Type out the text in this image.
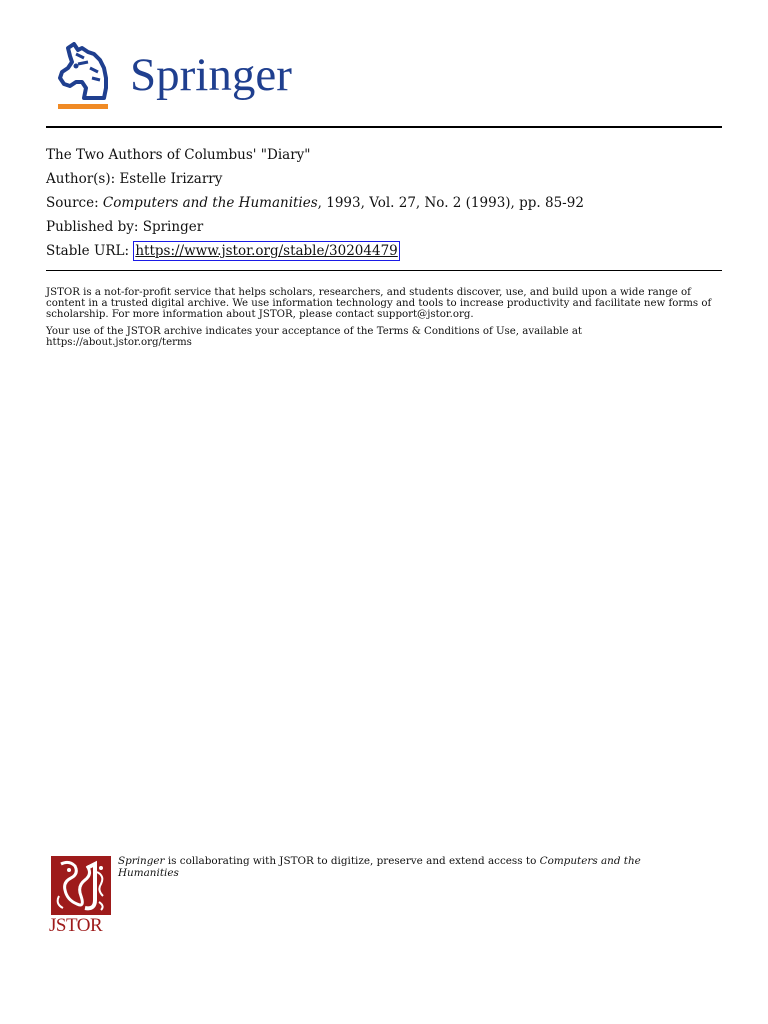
Springer
The Two Authors of Columbus' "Diary"
Author(s): Estelle Irizarry
Source: Computers and the Humanities, 1993, Vol. 27, No. 2 (1993), pp. 85-92
Published by: Springer
Stable URL: https://www.jstor.org/stable/30204479

JSTOR is a not-for-profit service that helps scholars, researchers, and students discover, use, and build upon a wide range of content in a trusted digital archive. We use information technology and tools to increase productivity and facilitate new forms of scholarship. For more information about JSTOR, please contact support@jstor.org.

Your use of the JSTOR archive indicates your acceptance of the Terms & Conditions of Use, available at https://about.jstor.org/terms

JSTOR
Springer is collaborating with JSTOR to digitize, preserve and extend access to Computers and the Humanities
